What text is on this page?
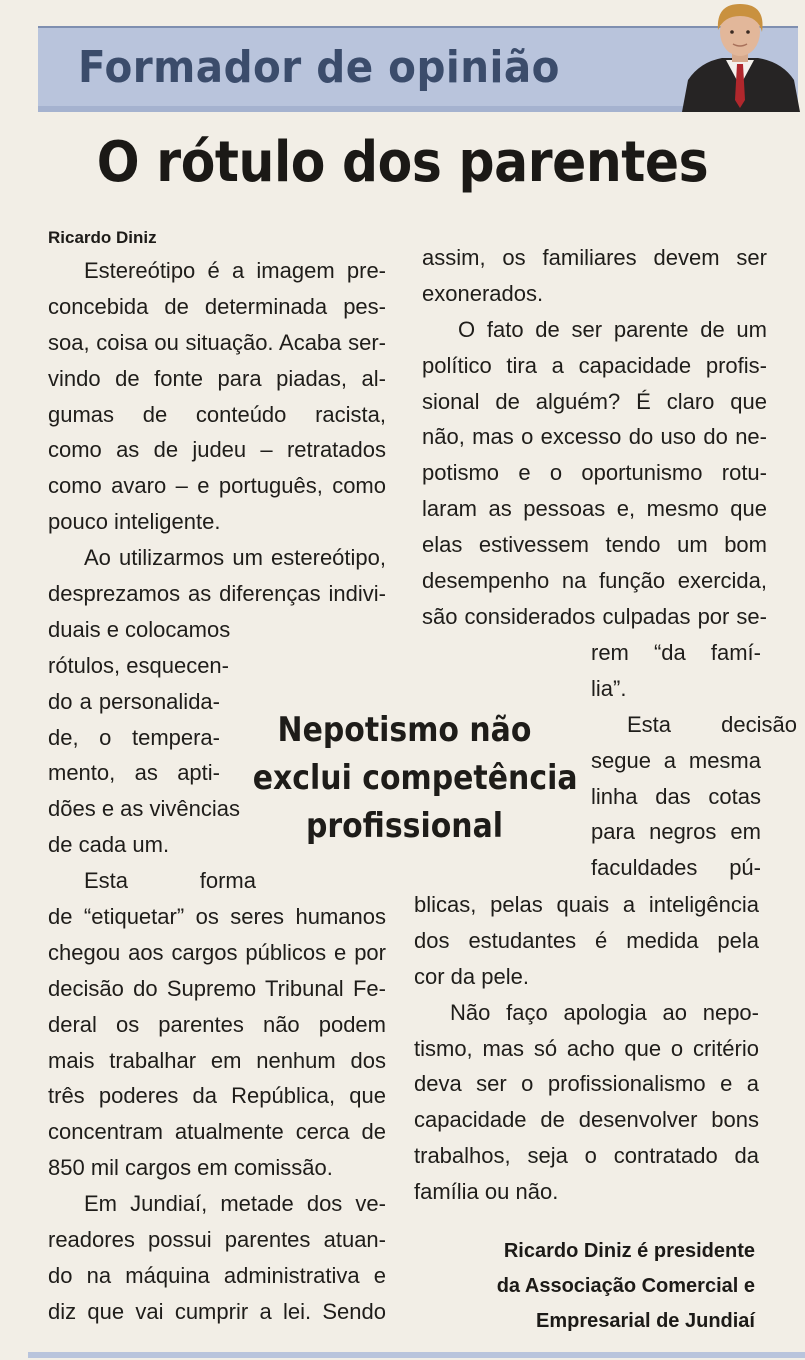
Formador de opinião
O rótulo dos parentes
Ricardo Diniz
Estereótipo é a imagem pre-
concebida de determinada pes-
soa, coisa ou situação. Acaba ser-
vindo de fonte para piadas, al-
gumas de conteúdo racista,
como as de judeu – retratados
como avaro – e português, como
pouco inteligente.
Ao utilizarmos um estereótipo,
desprezamos as diferenças indivi-
duais e colocamos
rótulos, esquecen-
do a personalida-
de, o tempera-
mento, as apti-
dões e as vivências
de cada um.
Esta forma
de “etiquetar” os seres humanos
chegou aos cargos públicos e por
decisão do Supremo Tribunal Fe-
deral os parentes não podem
mais trabalhar em nenhum dos
três poderes da República, que
concentram atualmente cerca de
850 mil cargos em comissão.
Em Jundiaí, metade dos ve-
readores possui parentes atuan-
do na máquina administrativa e
diz que vai cumprir a lei. Sendo
assim, os familiares devem ser
exonerados.
O fato de ser parente de um
político tira a capacidade profis-
sional de alguém? É claro que
não, mas o excesso do uso do ne-
potismo e o oportunismo rotu-
laram as pessoas e, mesmo que
elas estivessem tendo um bom
desempenho na função exercida,
são considerados culpadas por se-
rem “da famí-
lia”.
Esta decisão
segue a mesma
linha das cotas
para negros em
faculdades pú-
blicas, pelas quais a inteligência
dos estudantes é medida pela
cor da pele.
Não faço apologia ao nepo-
tismo, mas só acho que o critério
deva ser o profissionalismo e a
capacidade de desenvolver bons
trabalhos, seja o contratado da
família ou não.
Nepotismo não
exclui competência
profissional
Ricardo Diniz é presidente
da Associação Comercial e
Empresarial de Jundiaí
